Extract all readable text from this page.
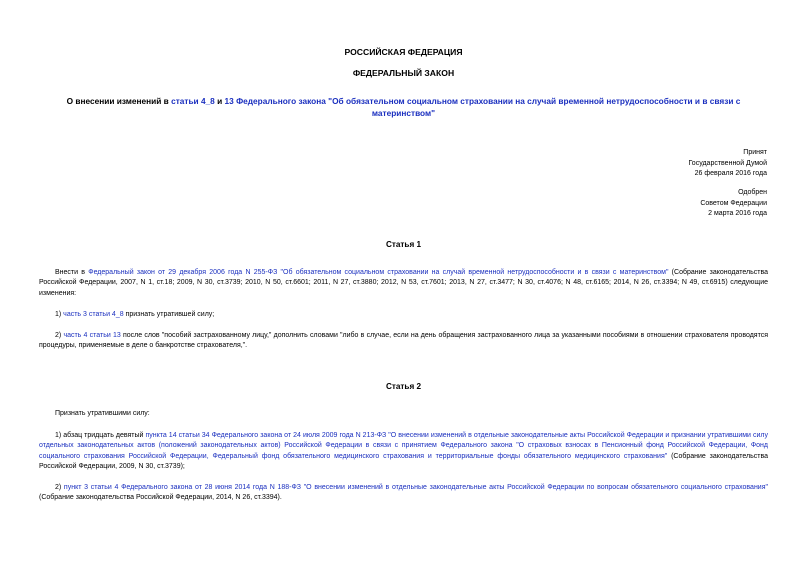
РОССИЙСКАЯ ФЕДЕРАЦИЯ
ФЕДЕРАЛЬНЫЙ ЗАКОН
О внесении изменений в статьи 4_8 и 13 Федерального закона "Об обязательном социальном страховании на случай временной нетрудоспособности и в связи с материнством"
Принят
Государственной Думой
26 февраля 2016 года
Одобрен
Советом Федерации
2 марта 2016 года
Статья 1
Внести в Федеральный закон от 29 декабря 2006 года N 255-ФЗ "Об обязательном социальном страховании на случай временной нетрудоспособности и в связи с материнством" (Собрание законодательства Российской Федерации, 2007, N 1, ст.18; 2009, N 30, ст.3739; 2010, N 50, ст.6601; 2011, N 27, ст.3880; 2012, N 53, ст.7601; 2013, N 27, ст.3477; N 30, ст.4076; N 48, ст.6165; 2014, N 26, ст.3394; N 49, ст.6915) следующие изменения:
1) часть 3 статьи 4_8 признать утратившей силу;
2) часть 4 статьи 13 после слов "пособий застрахованному лицу," дополнить словами "либо в случае, если на день обращения застрахованного лица за указанными пособиями в отношении страхователя проводятся процедуры, применяемые в деле о банкротстве страхователя,".
Статья 2
Признать утратившими силу:
1) абзац тридцать девятый пункта 14 статьи 34 Федерального закона от 24 июля 2009 года N 213-ФЗ "О внесении изменений в отдельные законодательные акты Российской Федерации и признании утратившими силу отдельных законодательных актов (положений законодательных актов) Российской Федерации в связи с принятием Федерального закона "О страховых взносах в Пенсионный фонд Российской Федерации, Фонд социального страхования Российской Федерации, Федеральный фонд обязательного медицинского страхования и территориальные фонды обязательного медицинского страхования" (Собрание законодательства Российской Федерации, 2009, N 30, ст.3739);
2) пункт 3 статьи 4 Федерального закона от 28 июня 2014 года N 188-ФЗ "О внесении изменений в отдельные законодательные акты Российской Федерации по вопросам обязательного социального страхования" (Собрание законодательства Российской Федерации, 2014, N 26, ст.3394).
